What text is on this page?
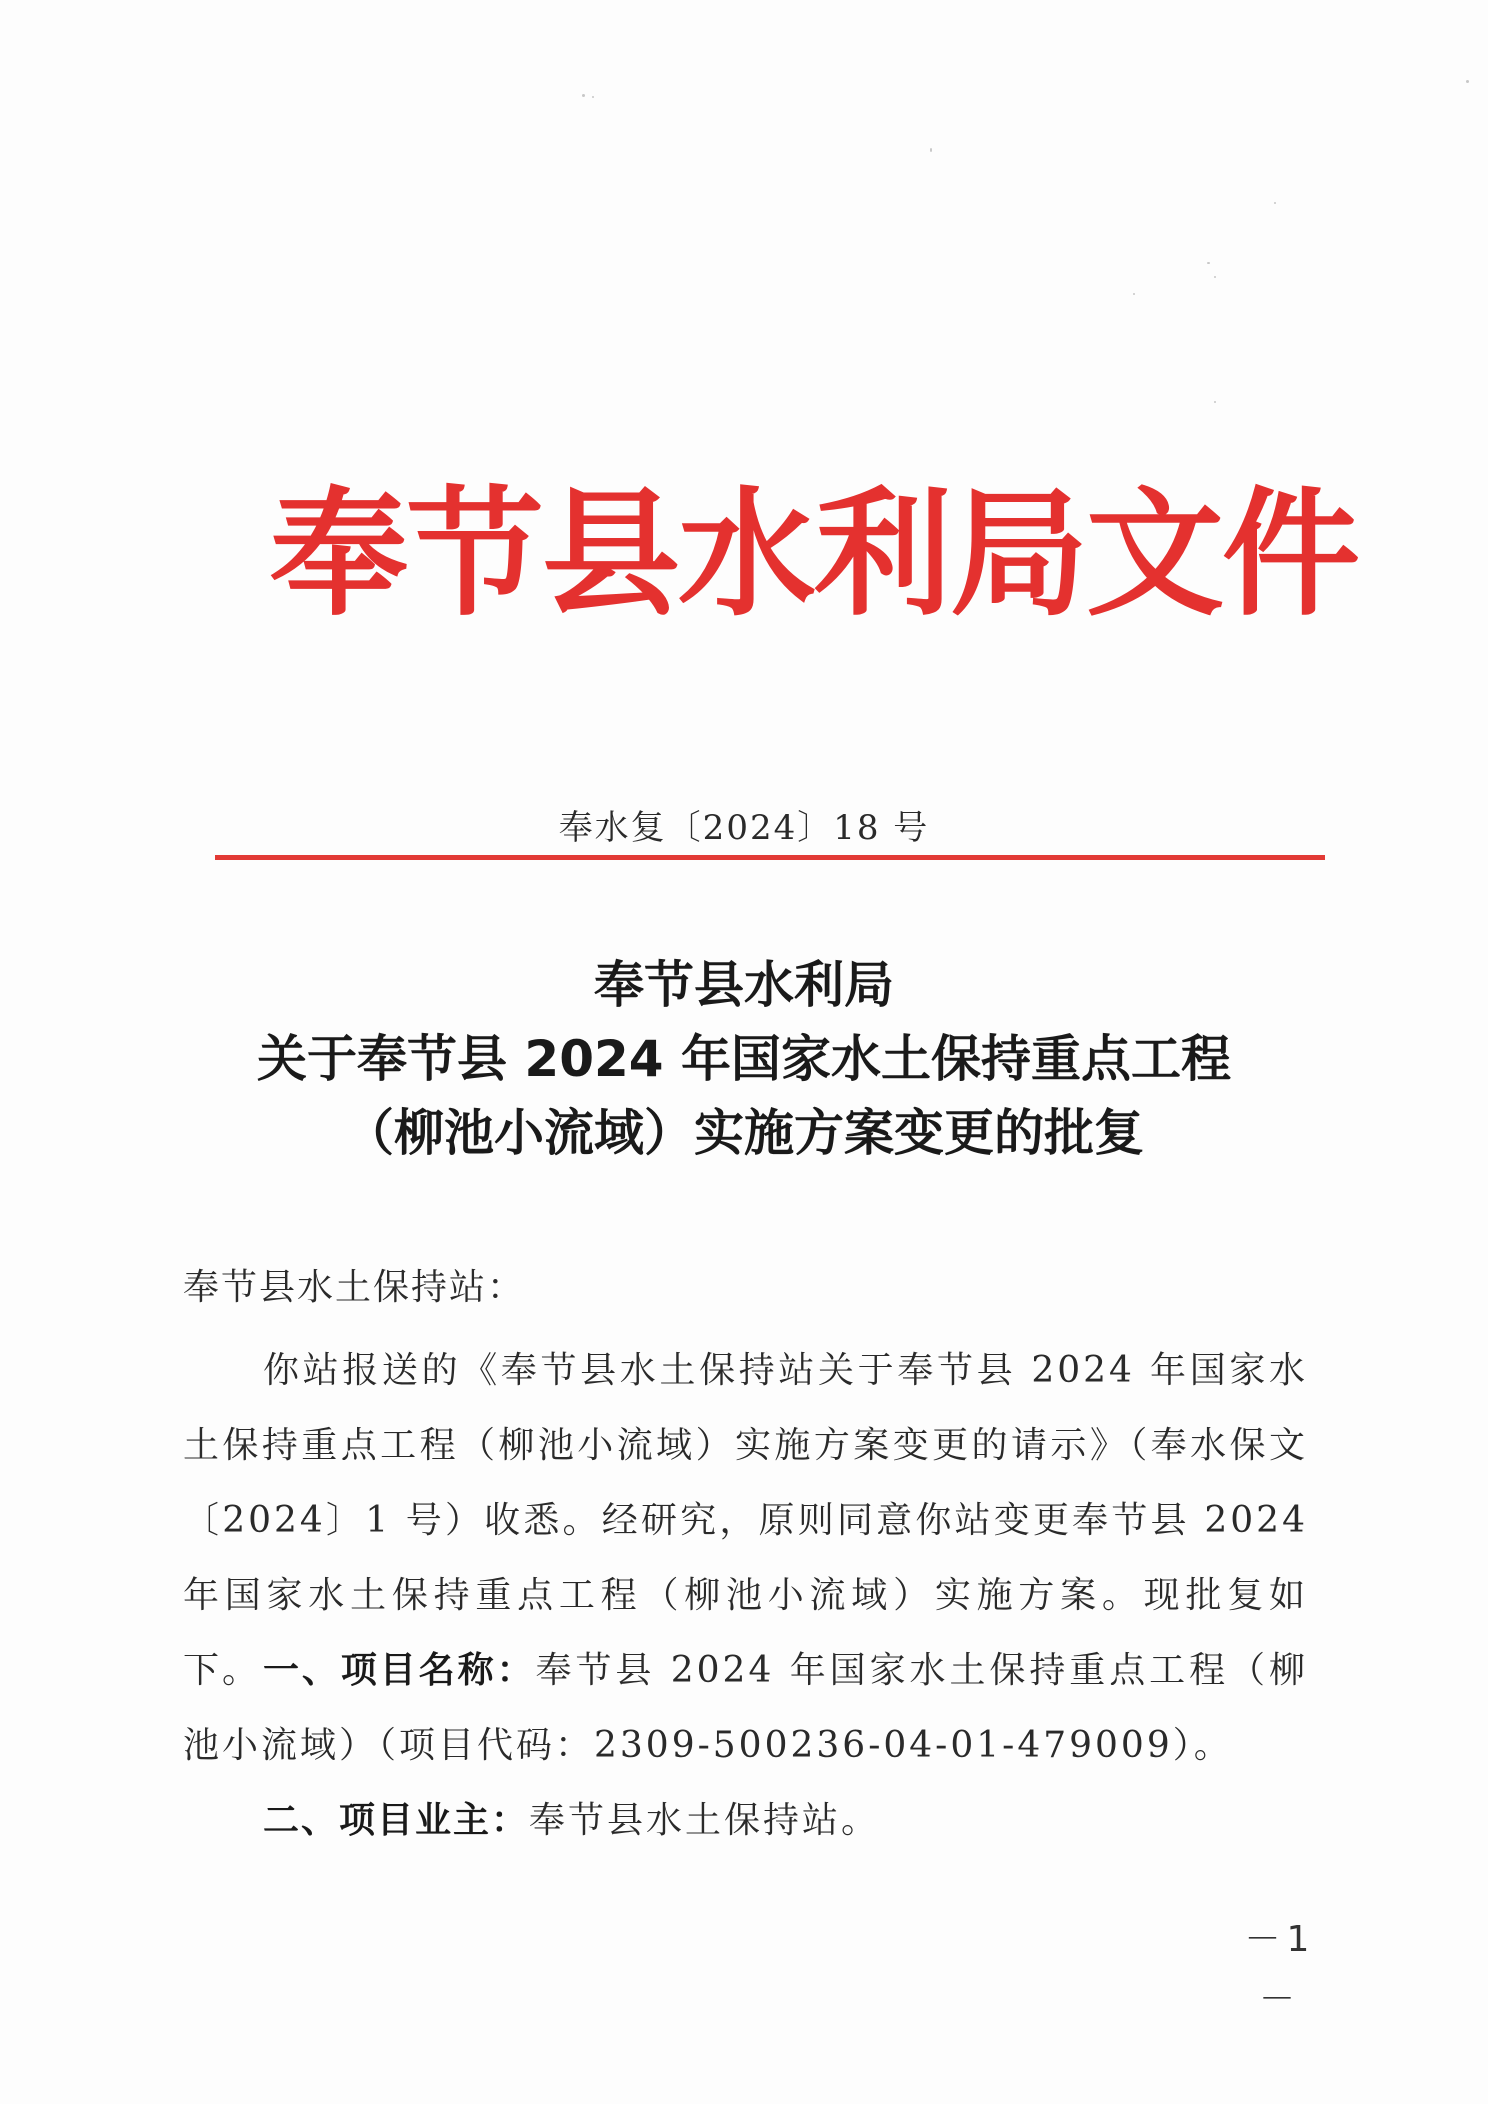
奉节县水利局文件
奉水复〔2024〕18 号
奉节县水利局
关于奉节县 2024 年国家水土保持重点工程
（柳池小流域）实施方案变更的批复
奉节县水土保持站：
你站报送的《奉节县水土保持站关于奉节县 2024 年国家水土保持重点工程（柳池小流域）实施方案变更的请示》（奉水保文〔2024〕1 号）收悉。经研究，原则同意你站变更奉节县 2024 年国家水土保持重点工程（柳池小流域）实施方案。现批复如下。 一、项目名称：奉节县 2024 年国家水土保持重点工程（柳池小流域）（项目代码：2309-500236-04-01-479009）。
二、项目业主：奉节县水土保持站。
－1－
